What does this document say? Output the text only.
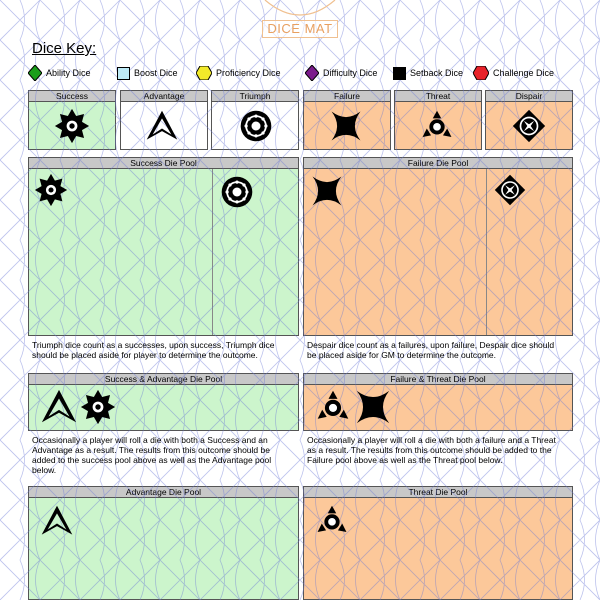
DICE MAT
Dice Key:
Ability Dice	Boost Dice	Proficiency Dice	Difficulty Dice	Setback Dice	Challenge Dice
Success	Advantage	Triumph	Failure	Threat	Dispair
Success Die Pool	Failure Die Pool
Triumph dice count as a successes, upon success, Triumph dice
should be placed aside for player to determine the outcome.
Despair dice count as a failures, upon failure, Despair dice should
be placed aside for GM to determine the outcome.
Success & Advantage Die Pool	Failure & Threat Die Pool
Occasionally a player will roll a die with both a Success and an
Advantage as a result. The results from this outcome should be
added to the success pool above as well as the Advantage pool
below.
Occasionally a player will roll a die with both a failure and a Threat
as a result. The results from this outcome should be added to the
Failure pool above as well as the Threat pool below.
Advantage Die Pool	Threat Die Pool
